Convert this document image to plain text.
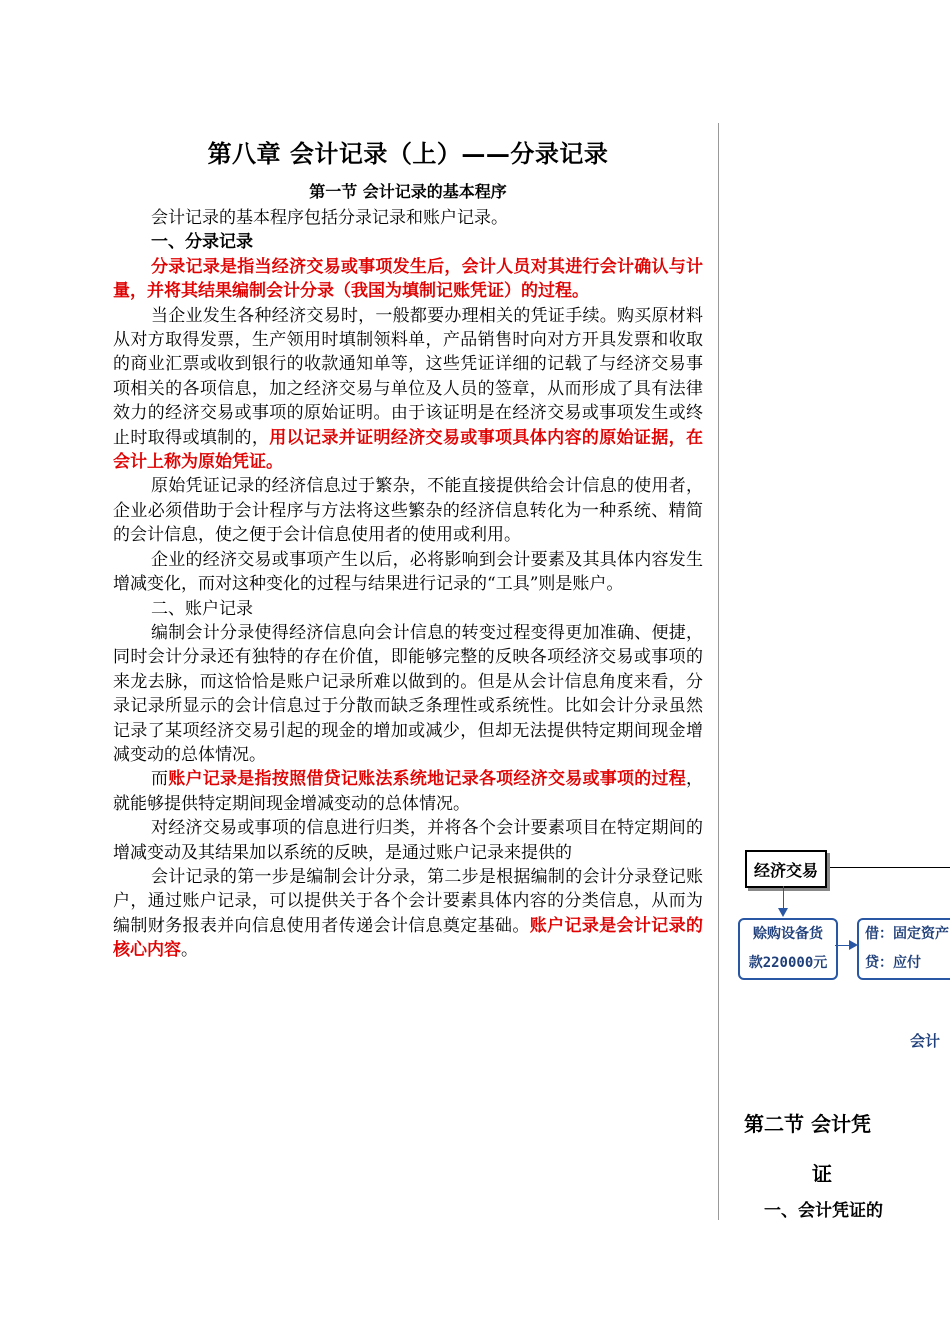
第八章 会计记录（上）——分录记录
第一节 会计记录的基本程序

会计记录的基本程序包括分录记录和账户记录。

一、分录记录

分录记录是指当经济交易或事项发生后，会计人员对其进行会计确认与计量，并将其结果编制会计分录（我国为填制记账凭证）的过程。

当企业发生各种经济交易时，一般都要办理相关的凭证手续。购买原材料从对方取得发票，生产领用时填制领料单，产品销售时向对方开具发票和收取的商业汇票或收到银行的收款通知单等，这些凭证详细的记载了与经济交易事项相关的各项信息，加之经济交易与单位及人员的签章，从而形成了具有法律效力的经济交易或事项的原始证明。由于该证明是在经济交易或事项发生或终止时取得或填制的，用以记录并证明经济交易或事项具体内容的原始证据，在会计上称为原始凭证。

原始凭证记录的经济信息过于繁杂，不能直接提供给会计信息的使用者，企业必须借助于会计程序与方法将这些繁杂的经济信息转化为一种系统、精简的会计信息，使之便于会计信息使用者的使用或利用。

企业的经济交易或事项产生以后，必将影响到会计要素及其具体内容发生增减变化，而对这种变化的过程与结果进行记录的“工具”则是账户。

二、账户记录

编制会计分录使得经济信息向会计信息的转变过程变得更加准确、便捷，同时会计分录还有独特的存在价值，即能够完整的反映各项经济交易或事项的来龙去脉，而这恰恰是账户记录所难以做到的。但是从会计信息角度来看，分录记录所显示的会计信息过于分散而缺乏条理性或系统性。比如会计分录虽然记录了某项经济交易引起的现金的增加或减少，但却无法提供特定期间现金增减变动的总体情况。

而账户记录是指按照借贷记账法系统地记录各项经济交易或事项的过程，就能够提供特定期间现金增减变动的总体情况。

对经济交易或事项的信息进行归类，并将各个会计要素项目在特定期间的增减变动及其结果加以系统的反映，是通过账户记录来提供的

会计记录的第一步是编制会计分录，第二步是根据编制的会计分录登记账户，通过账户记录，可以提供关于各个会计要素具体内容的分类信息，从而为编制财务报表并向信息使用者传递会计信息奠定基础。账户记录是会计记录的核心内容。

经济交易
赊购设备货
款220000元
借：固定资产
贷：应付
会计
第二节 会计凭
证
一、会计凭证的
